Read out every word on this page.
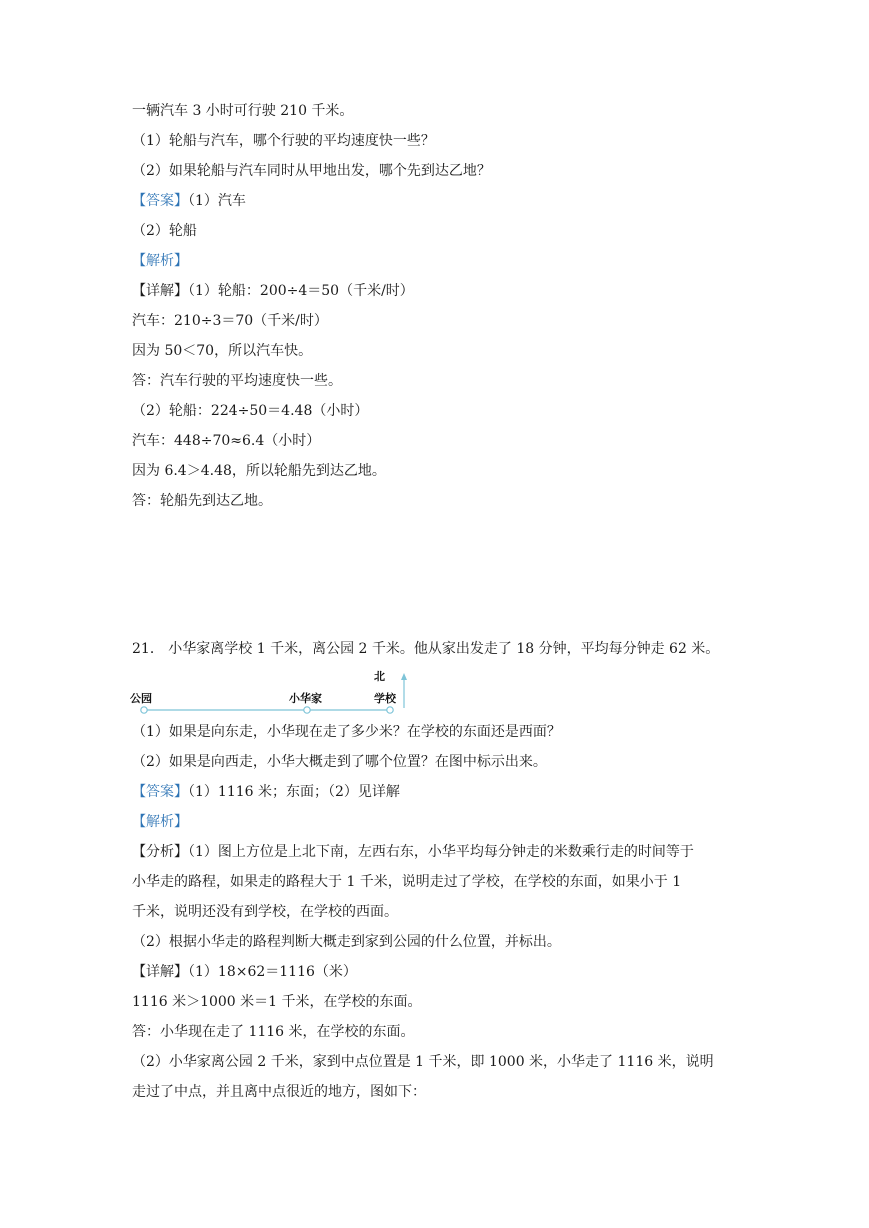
一辆汽车 3 小时可行驶 210 千米。
（1）轮船与汽车，哪个行驶的平均速度快一些？
（2）如果轮船与汽车同时从甲地出发，哪个先到达乙地？
【答案】（1）汽车
（2）轮船
【解析】
【详解】（1）轮船：200÷4＝50（千米/时）
汽车：210÷3＝70（千米/时）
因为 50＜70，所以汽车快。
答：汽车行驶的平均速度快一些。
（2）轮船：224÷50＝4.48（小时）
汽车：448÷70≈6.4（小时）
因为 6.4＞4.48，所以轮船先到达乙地。
答：轮船先到达乙地。
21． 小华家离学校 1 千米，离公园 2 千米。他从家出发走了 18 分钟，平均每分钟走 62 米。
北
公园	小华家	学校
（1）如果是向东走，小华现在走了多少米？在学校的东面还是西面？
（2）如果是向西走，小华大概走到了哪个位置？在图中标示出来。
【答案】（1）1116 米；东面；（2）见详解
【解析】
【分析】（1）图上方位是上北下南，左西右东，小华平均每分钟走的米数乘行走的时间等于
小华走的路程，如果走的路程大于 1 千米，说明走过了学校，在学校的东面，如果小于 1
千米，说明还没有到学校，在学校的西面。
（2）根据小华走的路程判断大概走到家到公园的什么位置，并标出。
【详解】（1）18×62＝1116（米）
1116 米＞1000 米＝1 千米，在学校的东面。
答：小华现在走了 1116 米，在学校的东面。
（2）小华家离公园 2 千米，家到中点位置是 1 千米，即 1000 米，小华走了 1116 米，说明
走过了中点，并且离中点很近的地方，图如下：
